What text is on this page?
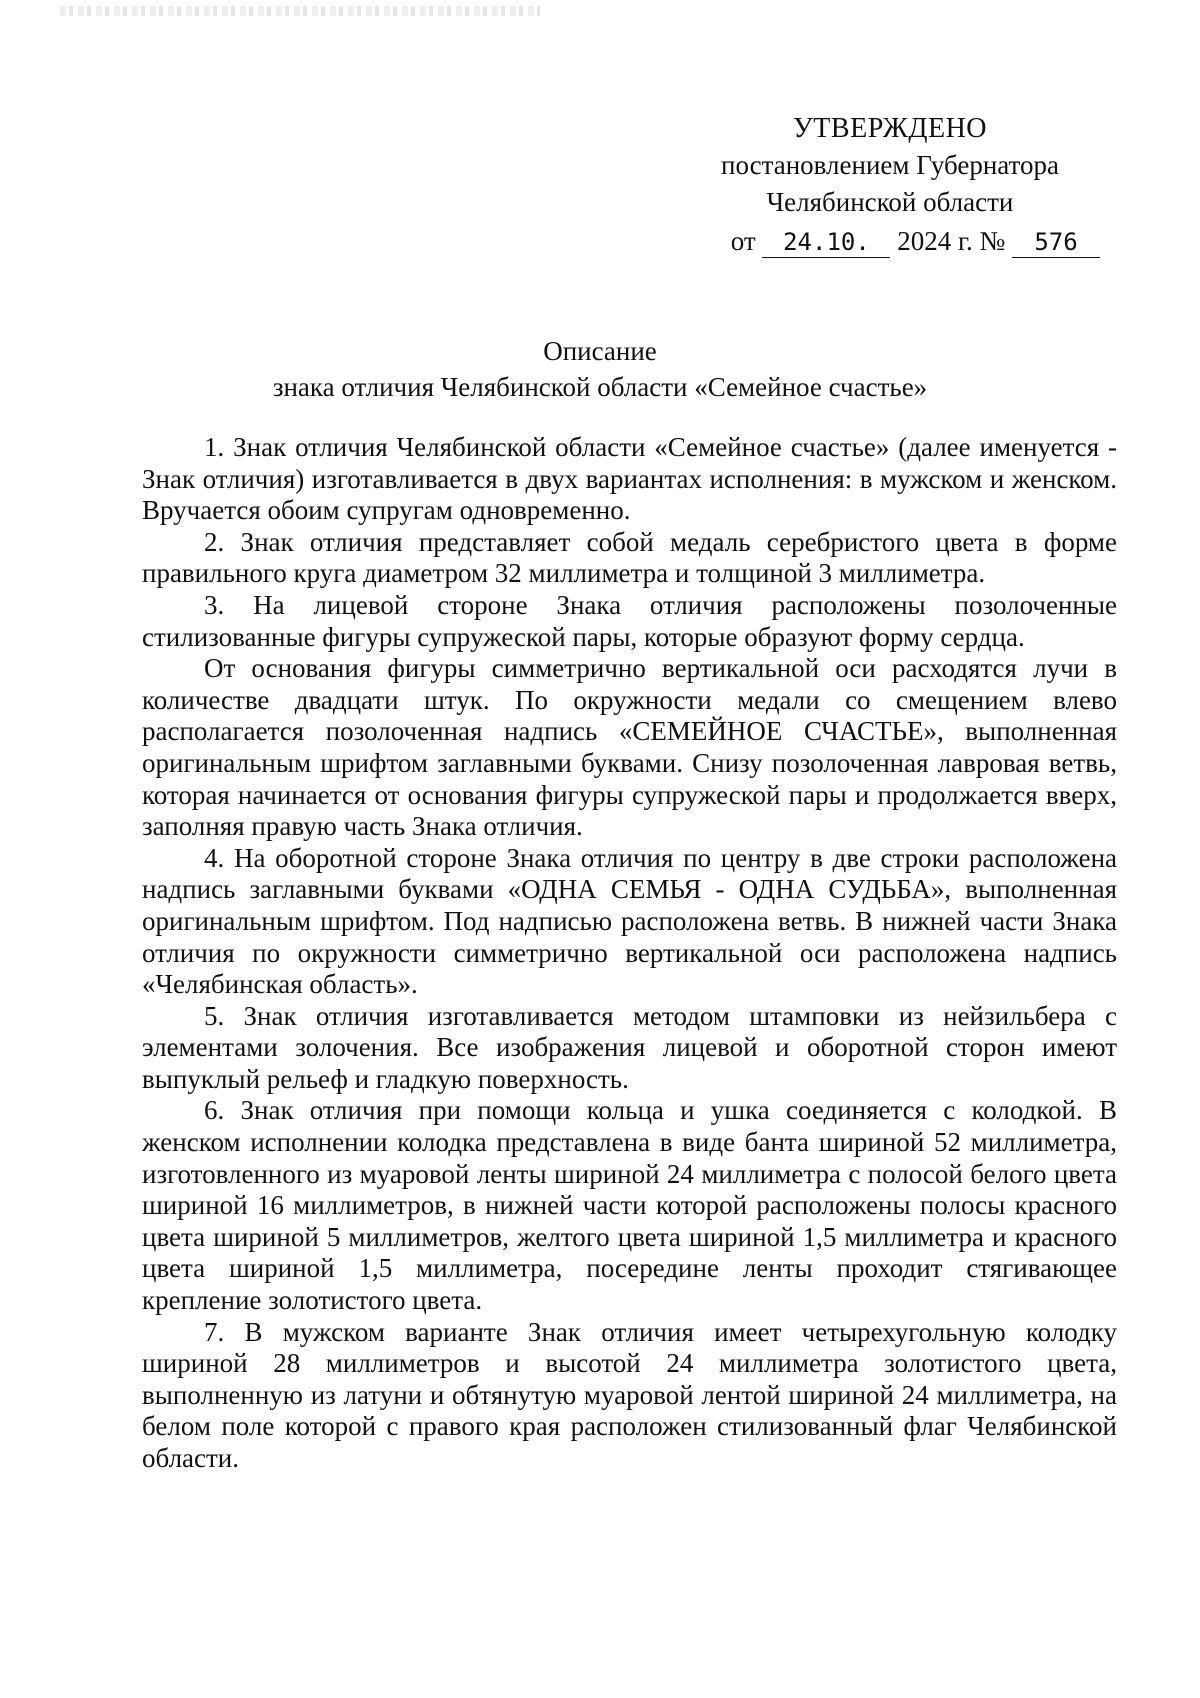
УТВЕРЖДЕНО
постановлением Губернатора
Челябинской области
от 24.10. 2024 г. № 576
Описание
знака отличия Челябинской области «Семейное счастье»

1. Знак отличия Челябинской области «Семейное счастье» (далее именуется - Знак отличия) изготавливается в двух вариантах исполнения: в мужском и женском. Вручается обоим супругам одновременно.

2. Знак отличия представляет собой медаль серебристого цвета в форме правильного круга диаметром 32 миллиметра и толщиной 3 миллиметра.

3. На лицевой стороне Знака отличия расположены позолоченные стилизованные фигуры супружеской пары, которые образуют форму сердца.

От основания фигуры симметрично вертикальной оси расходятся лучи в количестве двадцати штук. По окружности медали со смещением влево располагается позолоченная надпись «СЕМЕЙНОЕ СЧАСТЬЕ», выполненная оригинальным шрифтом заглавными буквами. Снизу позолоченная лавровая ветвь, которая начинается от основания фигуры супружеской пары и продолжается вверх, заполняя правую часть Знака отличия.

4. На оборотной стороне Знака отличия по центру в две строки расположена надпись заглавными буквами «ОДНА СЕМЬЯ - ОДНА СУДЬБА», выполненная оригинальным шрифтом. Под надписью расположена ветвь. В нижней части Знака отличия по окружности симметрично вертикальной оси расположена надпись «Челябинская область».

5. Знак отличия изготавливается методом штамповки из нейзильбера с элементами золочения. Все изображения лицевой и оборотной сторон имеют выпуклый рельеф и гладкую поверхность.

6. Знак отличия при помощи кольца и ушка соединяется с колодкой. В женском исполнении колодка представлена в виде банта шириной 52 миллиметра, изготовленного из муаровой ленты шириной 24 миллиметра с полосой белого цвета шириной 16 миллиметров, в нижней части которой расположены полосы красного цвета шириной 5 миллиметров, желтого цвета шириной 1,5 миллиметра и красного цвета шириной 1,5 миллиметра, посередине ленты проходит стягивающее крепление золотистого цвета.

7. В мужском варианте Знак отличия имеет четырехугольную колодку шириной 28 миллиметров и высотой 24 миллиметра золотистого цвета, выполненную из латуни и обтянутую муаровой лентой шириной 24 миллиметра, на белом поле которой с правого края расположен стилизованный флаг Челябинской области.
